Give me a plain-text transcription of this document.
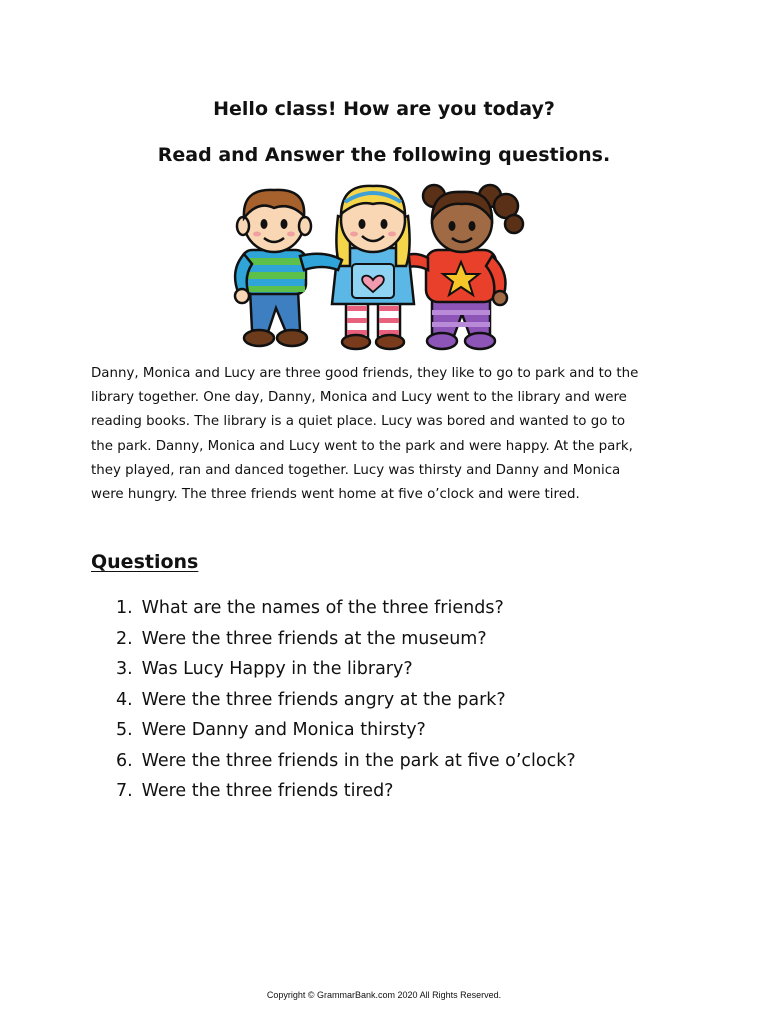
Hello class! How are you today?
Read and Answer the following questions.

Danny, Monica and Lucy are three good friends, they like to go to park and to the

library together. One day, Danny, Monica and Lucy went to the library and were

reading books. The library is a quiet place. Lucy was bored and wanted to go to

the park. Danny, Monica and Lucy went to the park and were happy. At the park,

they played, ran and danced together. Lucy was thirsty and Danny and Monica

were hungry. The three friends went home at five o’clock and were tired.

Questions
1. What are the names of the three friends?
2. Were the three friends at the museum?
3. Was Lucy Happy in the library?
4. Were the three friends angry at the park?
5. Were Danny and Monica thirsty?
6. Were the three friends in the park at five o’clock?
7. Were the three friends tired?
Copyright © GrammarBank.com 2020 All Rights Reserved.
